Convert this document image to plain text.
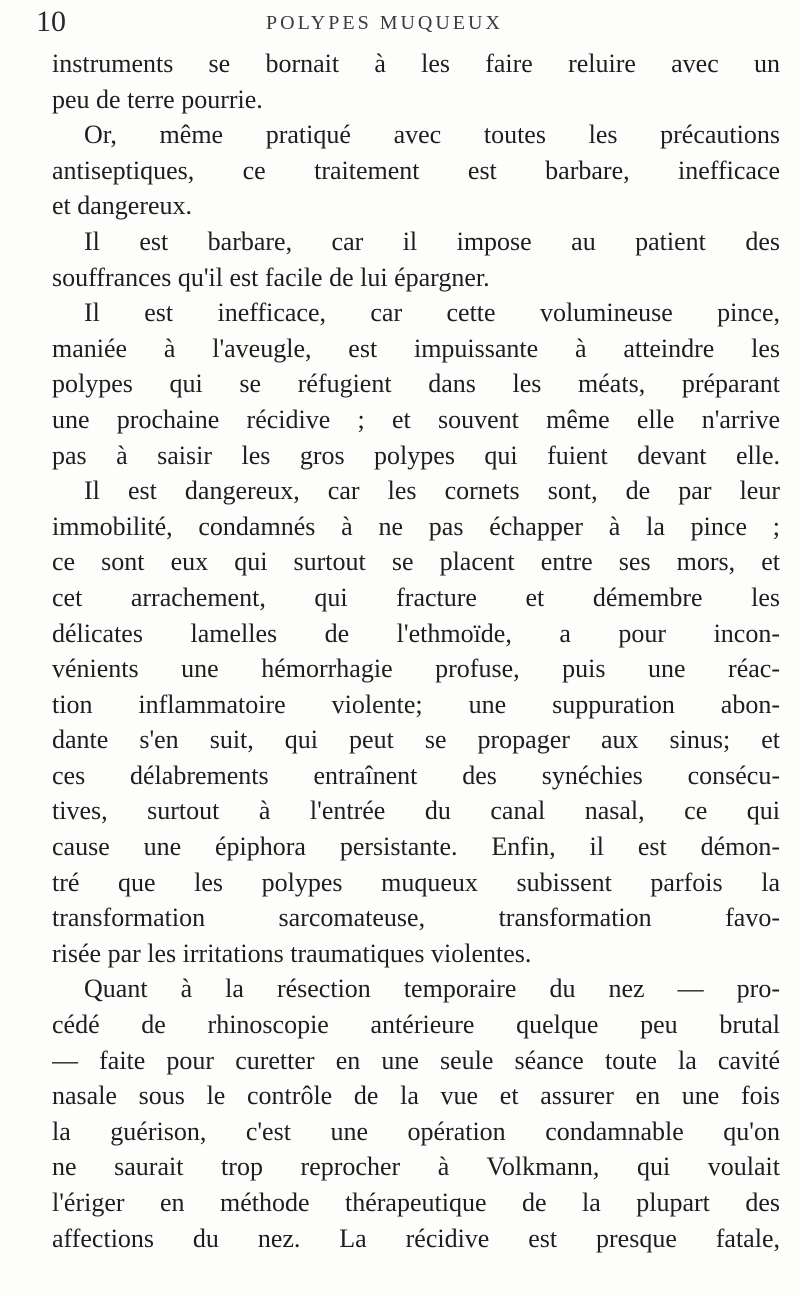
10	POLYPES MUQUEUX
instruments se bornait à les faire reluire avec un
peu de terre pourrie.
Or, même pratiqué avec toutes les précautions
antiseptiques, ce traitement est barbare, inefficace
et dangereux.
Il est barbare, car il impose au patient des
souffrances qu'il est facile de lui épargner.
Il est inefficace, car cette volumineuse pince,
maniée à l'aveugle, est impuissante à atteindre les
polypes qui se réfugient dans les méats, préparant
une prochaine récidive ; et souvent même elle n'arrive
pas à saisir les gros polypes qui fuient devant elle.
Il est dangereux, car les cornets sont, de par leur
immobilité, condamnés à ne pas échapper à la pince ;
ce sont eux qui surtout se placent entre ses mors, et
cet arrachement, qui fracture et démembre les
délicates lamelles de l'ethmoïde, a pour incon-
vénients une hémorrhagie profuse, puis une réac-
tion inflammatoire violente; une suppuration abon-
dante s'en suit, qui peut se propager aux sinus; et
ces délabrements entraînent des synéchies consécu-
tives, surtout à l'entrée du canal nasal, ce qui
cause une épiphora persistante. Enfin, il est démon-
tré que les polypes muqueux subissent parfois la
transformation sarcomateuse, transformation favo-
risée par les irritations traumatiques violentes.
Quant à la résection temporaire du nez — pro-
cédé de rhinoscopie antérieure quelque peu brutal
— faite pour curetter en une seule séance toute la cavité
nasale sous le contrôle de la vue et assurer en une fois
la guérison, c'est une opération condamnable qu'on
ne saurait trop reprocher à Volkmann, qui voulait
l'ériger en méthode thérapeutique de la plupart des
affections du nez. La récidive est presque fatale,
